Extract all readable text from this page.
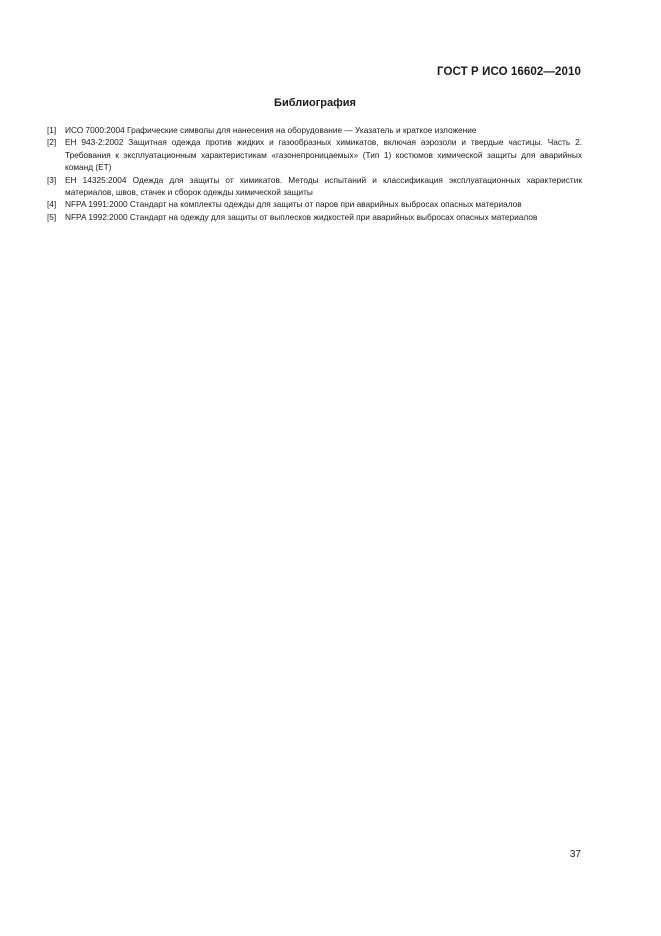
ГОСТ Р ИСО 16602—2010
Библиография
[1]	ИСО 7000:2004 Графические символы для нанесения на оборудование — Указатель и краткое изложение
[2]	ЕН 943-2:2002 Защитная одежда против жидких и газообразных химикатов, включая аэрозоли и твердые частицы. Часть 2. Требования к эксплуатационным характеристикам «газонепроницаемых» (Тип 1) костюмов химической защиты для аварийных команд (ЕТ)
[3]	ЕН 14325:2004 Одежда для защиты от химикатов. Методы испытаний и классификация эксплуатационных характеристик материалов, швов, стачек и сборок одежды химической защиты
[4]	NFPA 1991:2000 Стандарт на комплекты одежды для защиты от паров при аварийных выбросах опасных материалов
[5]	NFPA 1992:2000 Стандарт на одежду для защиты от выплесков жидкостей при аварийных выбросах опасных материалов
37
